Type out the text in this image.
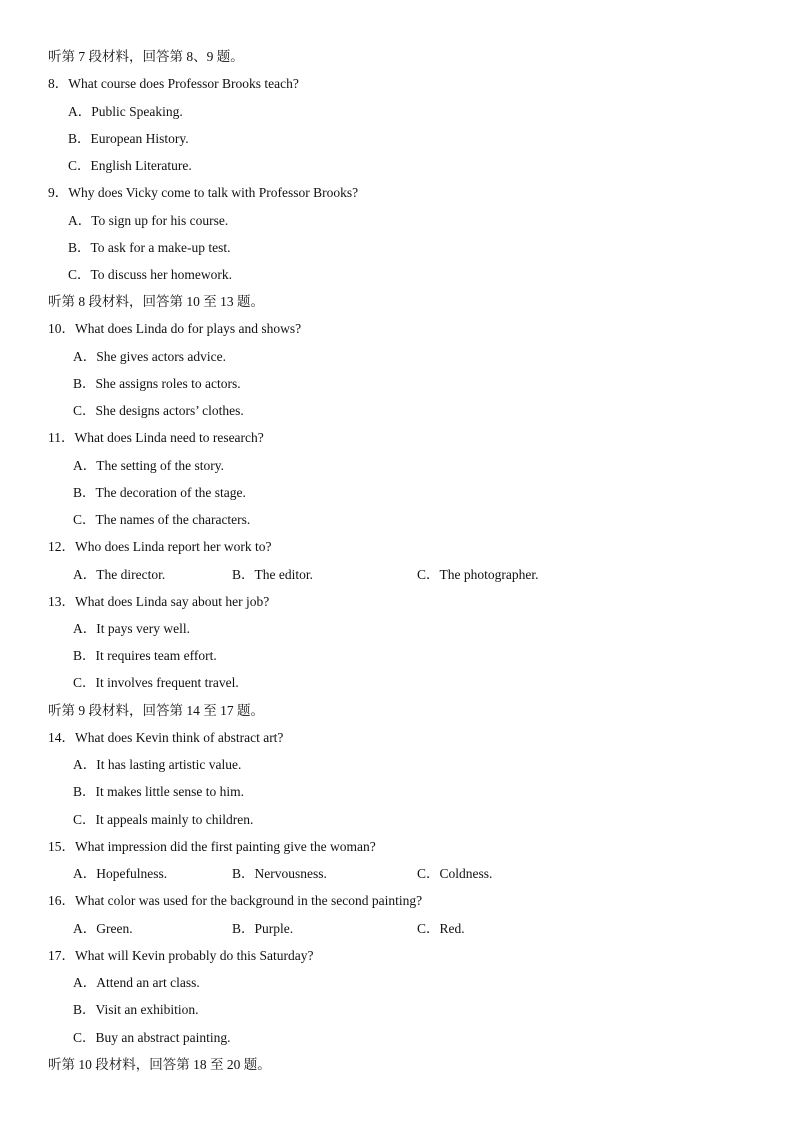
听第 7 段材料，回答第 8、9 题。
8．What course does Professor Brooks teach?
A．Public Speaking.
B．European History.
C．English Literature.
9．Why does Vicky come to talk with Professor Brooks?
A．To sign up for his course.
B．To ask for a make-up test.
C．To discuss her homework.
听第 8 段材料，回答第 10 至 13 题。
10．What does Linda do for plays and shows?
A．She gives actors advice.
B．She assigns roles to actors.
C．She designs actors’ clothes.
11．What does Linda need to research?
A．The setting of the story.
B．The decoration of the stage.
C．The names of the characters.
12．Who does Linda report her work to?
A．The director.	B．The editor.	C．The photographer.
13．What does Linda say about her job?
A．It pays very well.
B．It requires team effort.
C．It involves frequent travel.
听第 9 段材料，回答第 14 至 17 题。
14．What does Kevin think of abstract art?
A．It has lasting artistic value.
B．It makes little sense to him.
C．It appeals mainly to children.
15．What impression did the first painting give the woman?
A．Hopefulness.	B．Nervousness.	C．Coldness.
16．What color was used for the background in the second painting?
A．Green.	B．Purple.	C．Red.
17．What will Kevin probably do this Saturday?
A．Attend an art class.
B．Visit an exhibition.
C．Buy an abstract painting.
听第 10 段材料，回答第 18 至 20 题。
